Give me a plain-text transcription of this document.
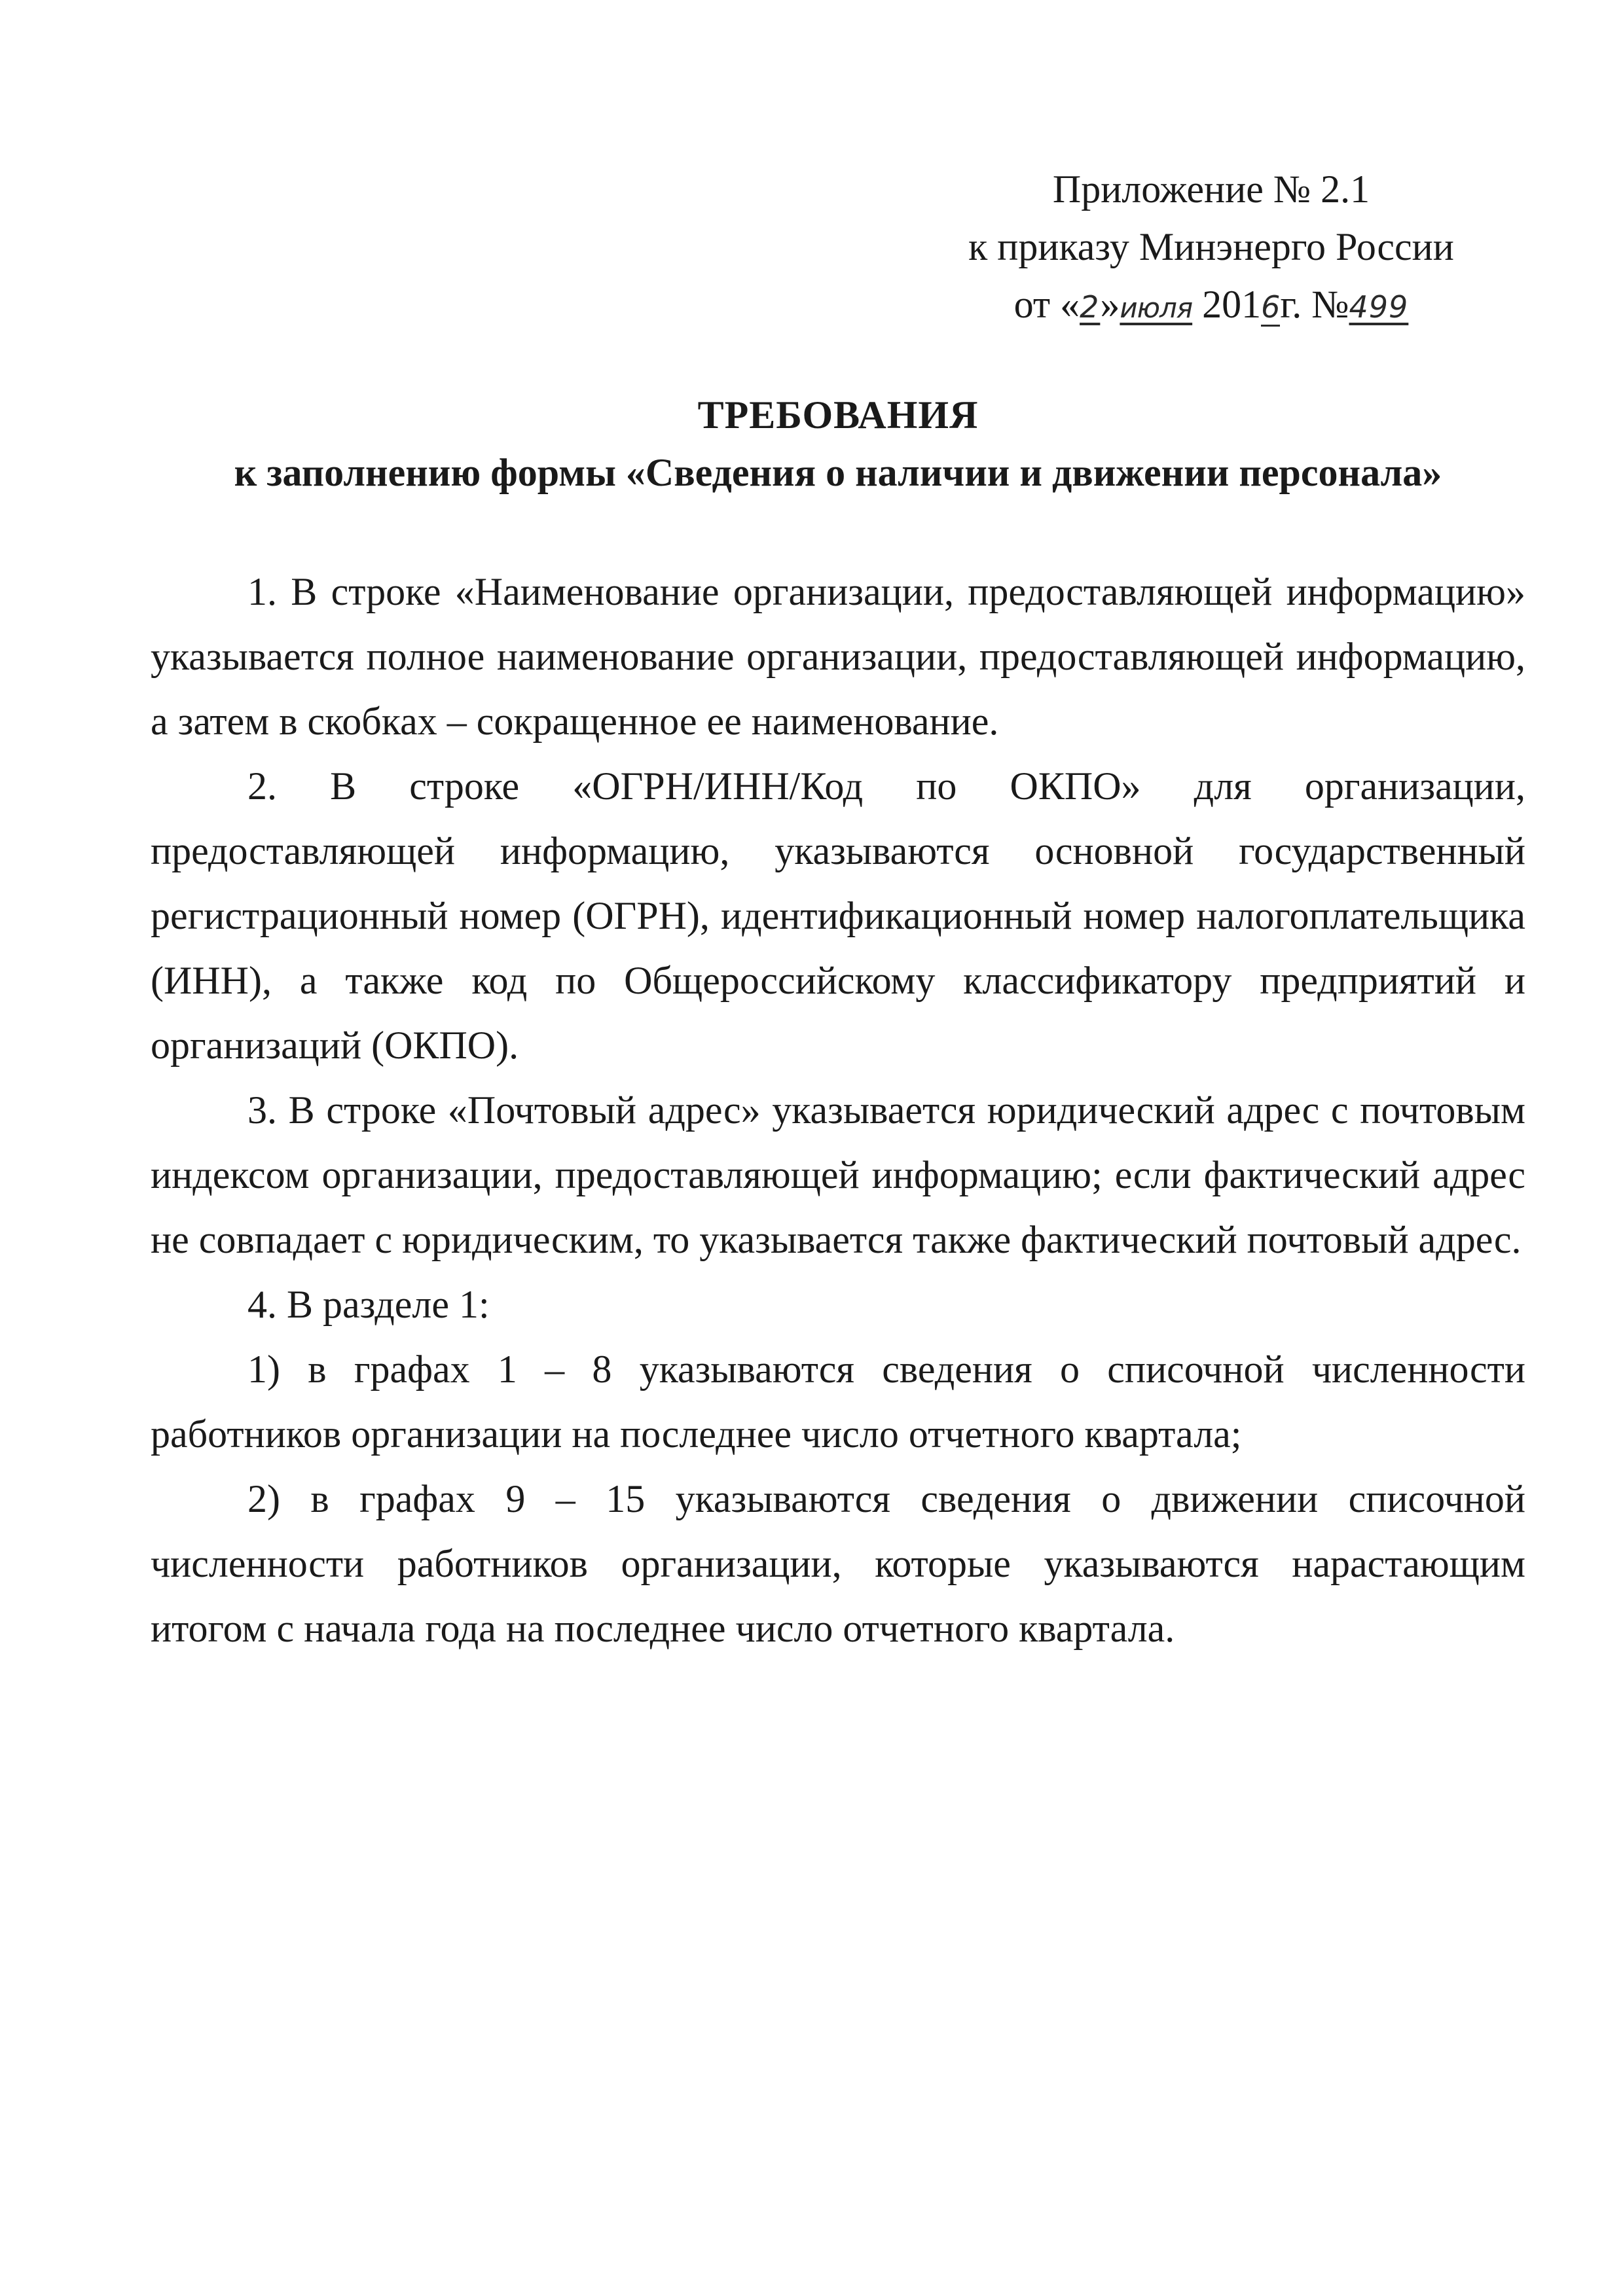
Приложение № 2.1
к приказу Минэнерго России
от «2»июля 2016г. №499
ТРЕБОВАНИЯ
к заполнению формы «Сведения о наличии и движении персонала»

1. В строке «Наименование организации, предоставляющей информацию» указывается полное наименование организации, предоставляющей информацию, а затем в скобках – сокращенное ее наименование.

2. В строке «ОГРН/ИНН/Код по ОКПО» для организации, предоставляющей информацию, указываются основной государственный регистрационный номер (ОГРН), идентификационный номер налогоплательщика (ИНН), а также код по Общероссийскому классификатору предприятий и организаций (ОКПО).

3. В строке «Почтовый адрес» указывается юридический адрес с почтовым индексом организации, предоставляющей информацию; если фактический адрес не совпадает с юридическим, то указывается также фактический почтовый адрес.

4. В разделе 1:

1) в графах 1 – 8 указываются сведения о списочной численности работников организации на последнее число отчетного квартала;

2) в графах 9 – 15 указываются сведения о движении списочной численности работников организации, которые указываются нарастающим итогом с начала года на последнее число отчетного квартала.
